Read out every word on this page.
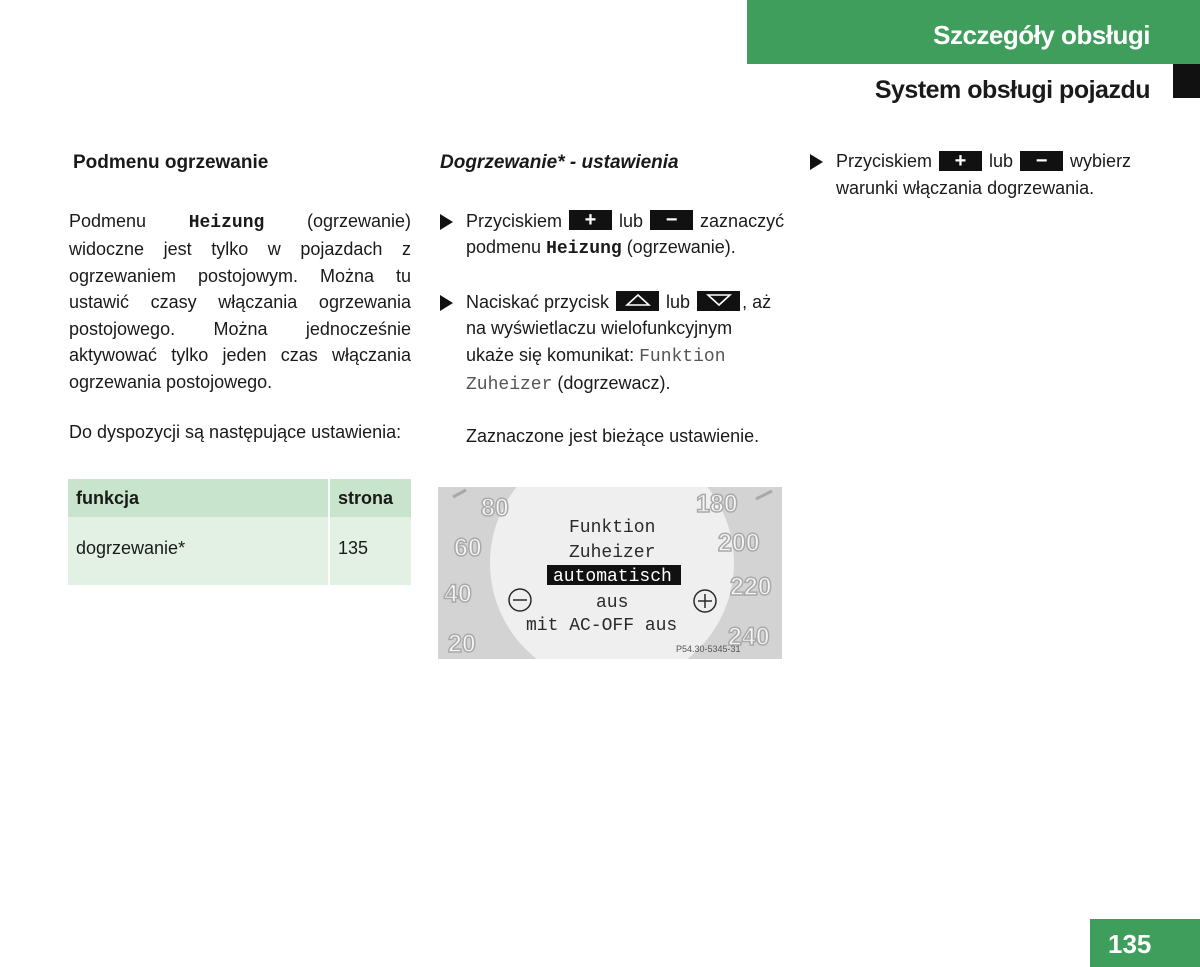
Szczegóły obsługi
System obsługi pojazdu
Podmenu ogrzewanie

Podmenu Heizung (ogrzewanie) widoczne jest tylko w pojazdach z ogrzewaniem postojowym. Można tu ustawić czasy włączania ogrzewania postojowego. Można jednocześnie aktywować tylko jeden czas włączania ogrzewania postojowego.

Do dyspozycji są następujące ustawienia:

funkcja	strona
dogrzewanie*	135
Dogrzewanie* - ustawienia
Przyciskiem + lub − zaznaczyć podmenu Heizung (ogrzewanie).
Naciskać przycisk	lub	, aż na wyświetlaczu wielofunkcyjnym ukaże się komunikat: Funktion Zuheizer (dogrzewacz).

Zaznaczone jest bieżące ustawienie.

80
60
40
20
180
200
220
240
Funktion
Zuheizer
automatisch
aus
mit AC-OFF aus
P54.30-5345-31
Przyciskiem + lub − wybierz warunki włączania dogrzewania.
135
